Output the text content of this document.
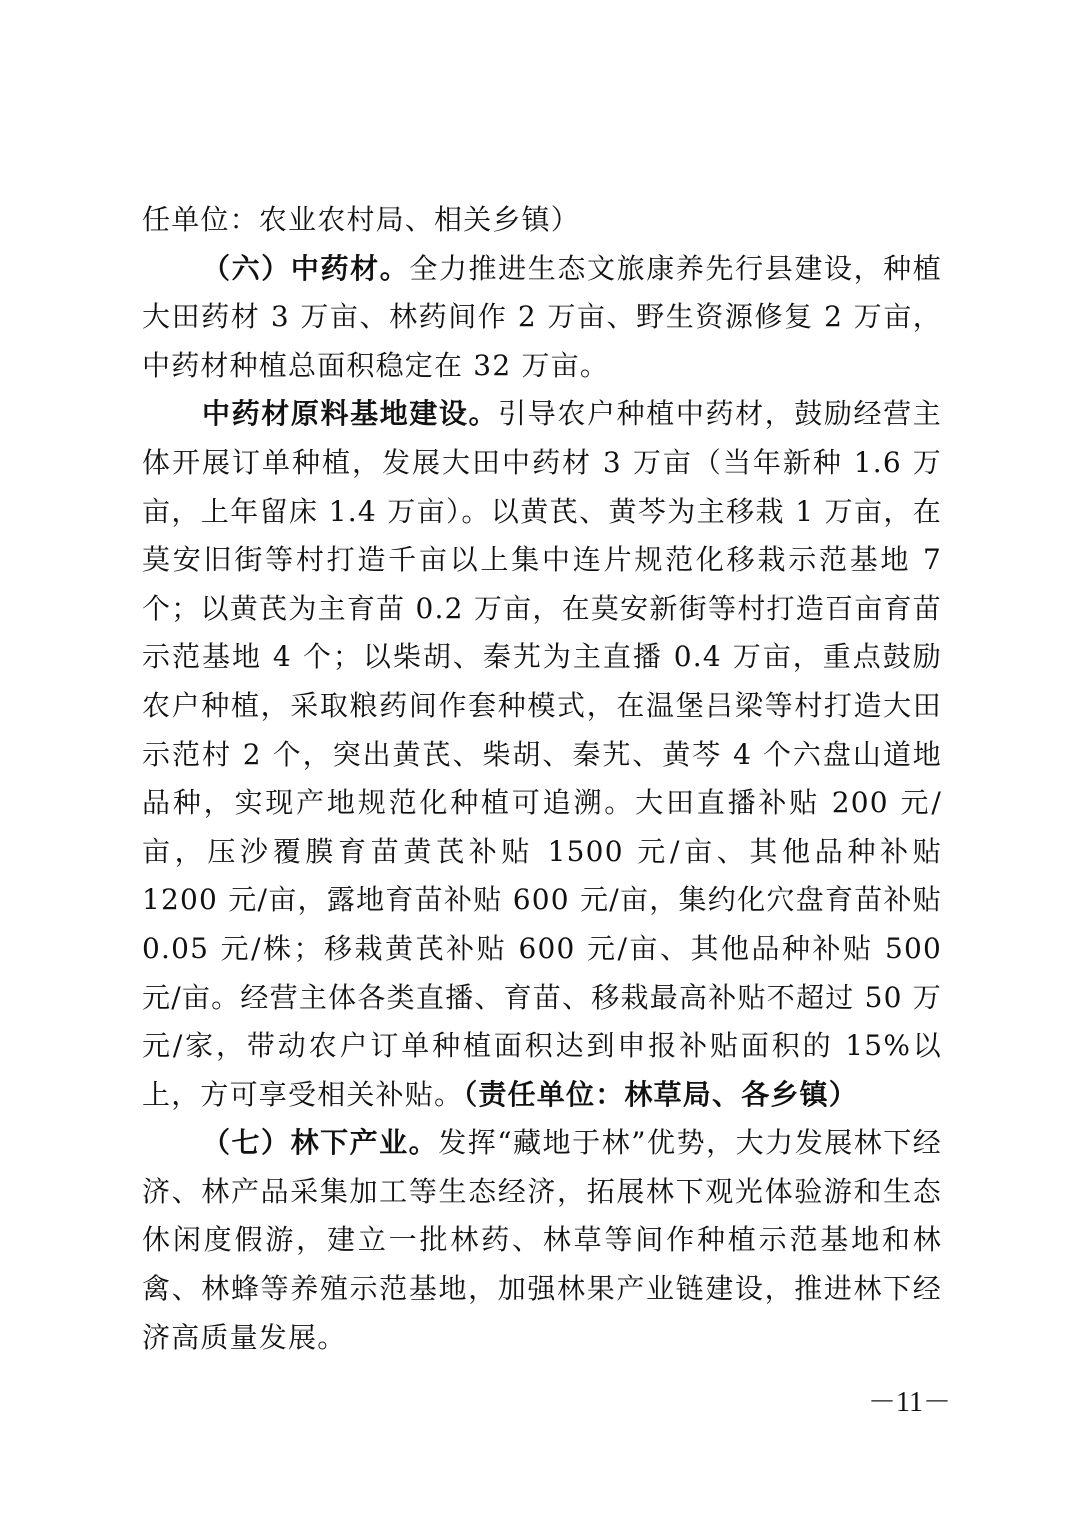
任单位：农业农村局、相关乡镇）

（六）中药材。全力推进生态文旅康养先行县建设，种植大田药材 3 万亩、林药间作 2 万亩、野生资源修复 2 万亩，中药材种植总面积稳定在 32 万亩。

中药材原料基地建设。引导农户种植中药材，鼓励经营主体开展订单种植，发展大田中药材 3 万亩（当年新种 1.6 万亩，上年留床 1.4 万亩）。以黄芪、黄芩为主移栽 1 万亩，在莫安旧街等村打造千亩以上集中连片规范化移栽示范基地 7 个；以黄芪为主育苗 0.2 万亩，在莫安新街等村打造百亩育苗示范基地 4 个；以柴胡、秦艽为主直播 0.4 万亩，重点鼓励农户种植，采取粮药间作套种模式，在温堡吕梁等村打造大田示范村 2 个，突出黄芪、柴胡、秦艽、黄芩 4 个六盘山道地品种，实现产地规范化种植可追溯。大田直播补贴 200 元/亩，压沙覆膜育苗黄芪补贴 1500 元/亩、其他品种补贴 1200 元/亩，露地育苗补贴 600 元/亩，集约化穴盘育苗补贴 0.05 元/株；移栽黄芪补贴 600 元/亩、其他品种补贴 500 元/亩。经营主体各类直播、育苗、移栽最高补贴不超过 50 万元/家，带动农户订单种植面积达到申报补贴面积的 15%以上，方可享受相关补贴。（责任单位：林草局、各乡镇）

（七）林下产业。发挥“藏地于林”优势，大力发展林下经济、林产品采集加工等生态经济，拓展林下观光体验游和生态休闲度假游，建立一批林药、林草等间作种植示范基地和林禽、林蜂等养殖示范基地，加强林果产业链建设，推进林下经济高质量发展。

－11－
